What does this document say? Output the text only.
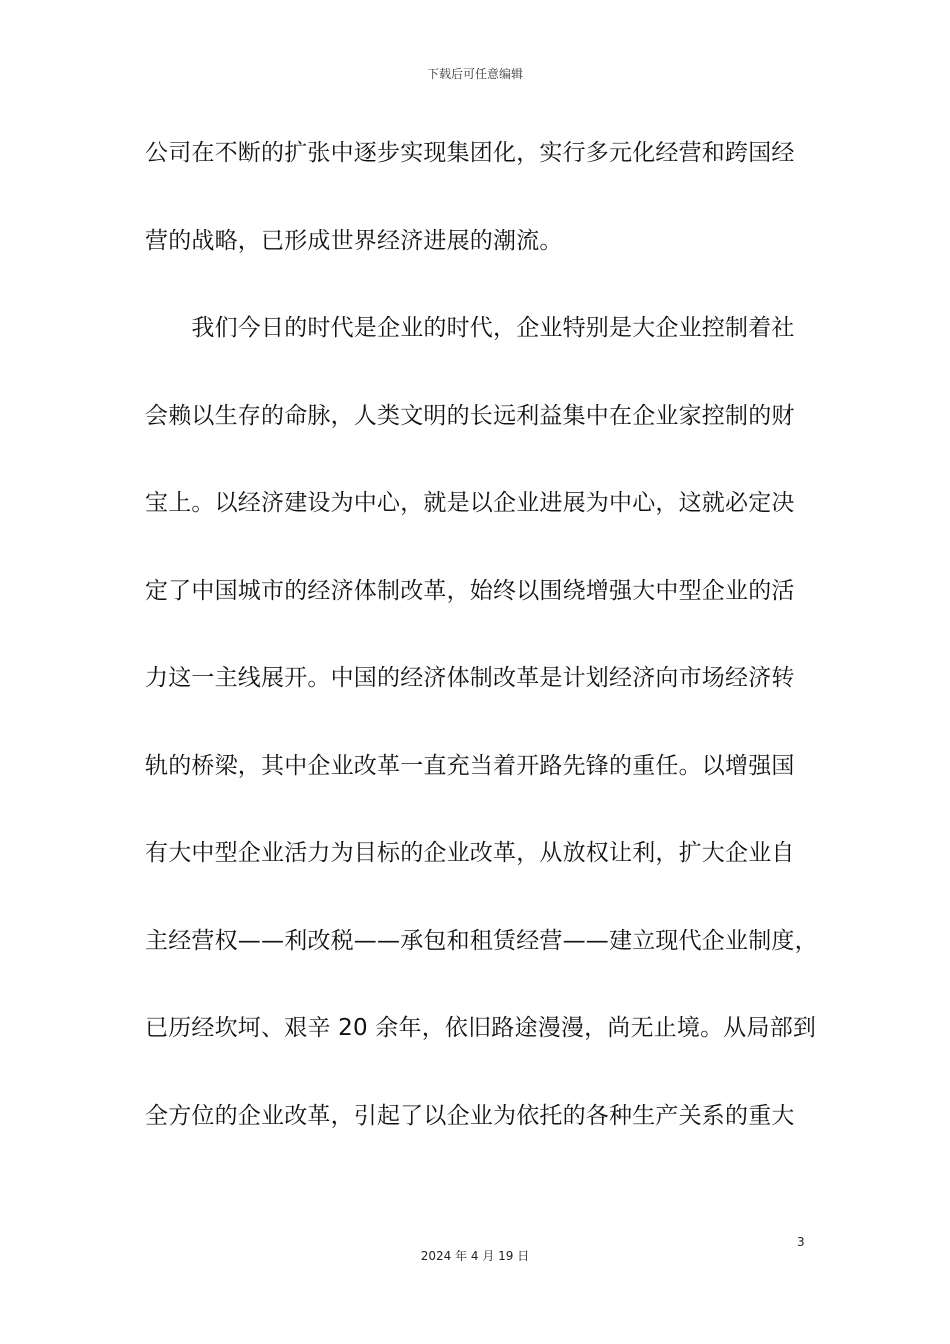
下载后可任意编辑
公司在不断的扩张中逐步实现集团化，实行多元化经营和跨国经
营的战略，已形成世界经济进展的潮流。
　　我们今日的时代是企业的时代，企业特别是大企业控制着社
会赖以生存的命脉，人类文明的长远利益集中在企业家控制的财
宝上。以经济建设为中心，就是以企业进展为中心，这就必定决
定了中国城市的经济体制改革，始终以围绕增强大中型企业的活
力这一主线展开。中国的经济体制改革是计划经济向市场经济转
轨的桥梁，其中企业改革一直充当着开路先锋的重任。以增强国
有大中型企业活力为目标的企业改革，从放权让利，扩大企业自
主经营权——利改税——承包和租赁经营——建立现代企业制度，
已历经坎坷、艰辛 20 余年，依旧路途漫漫，尚无止境。从局部到
全方位的企业改革，引起了以企业为依托的各种生产关系的重大
3
2024 年 4 月 19 日
